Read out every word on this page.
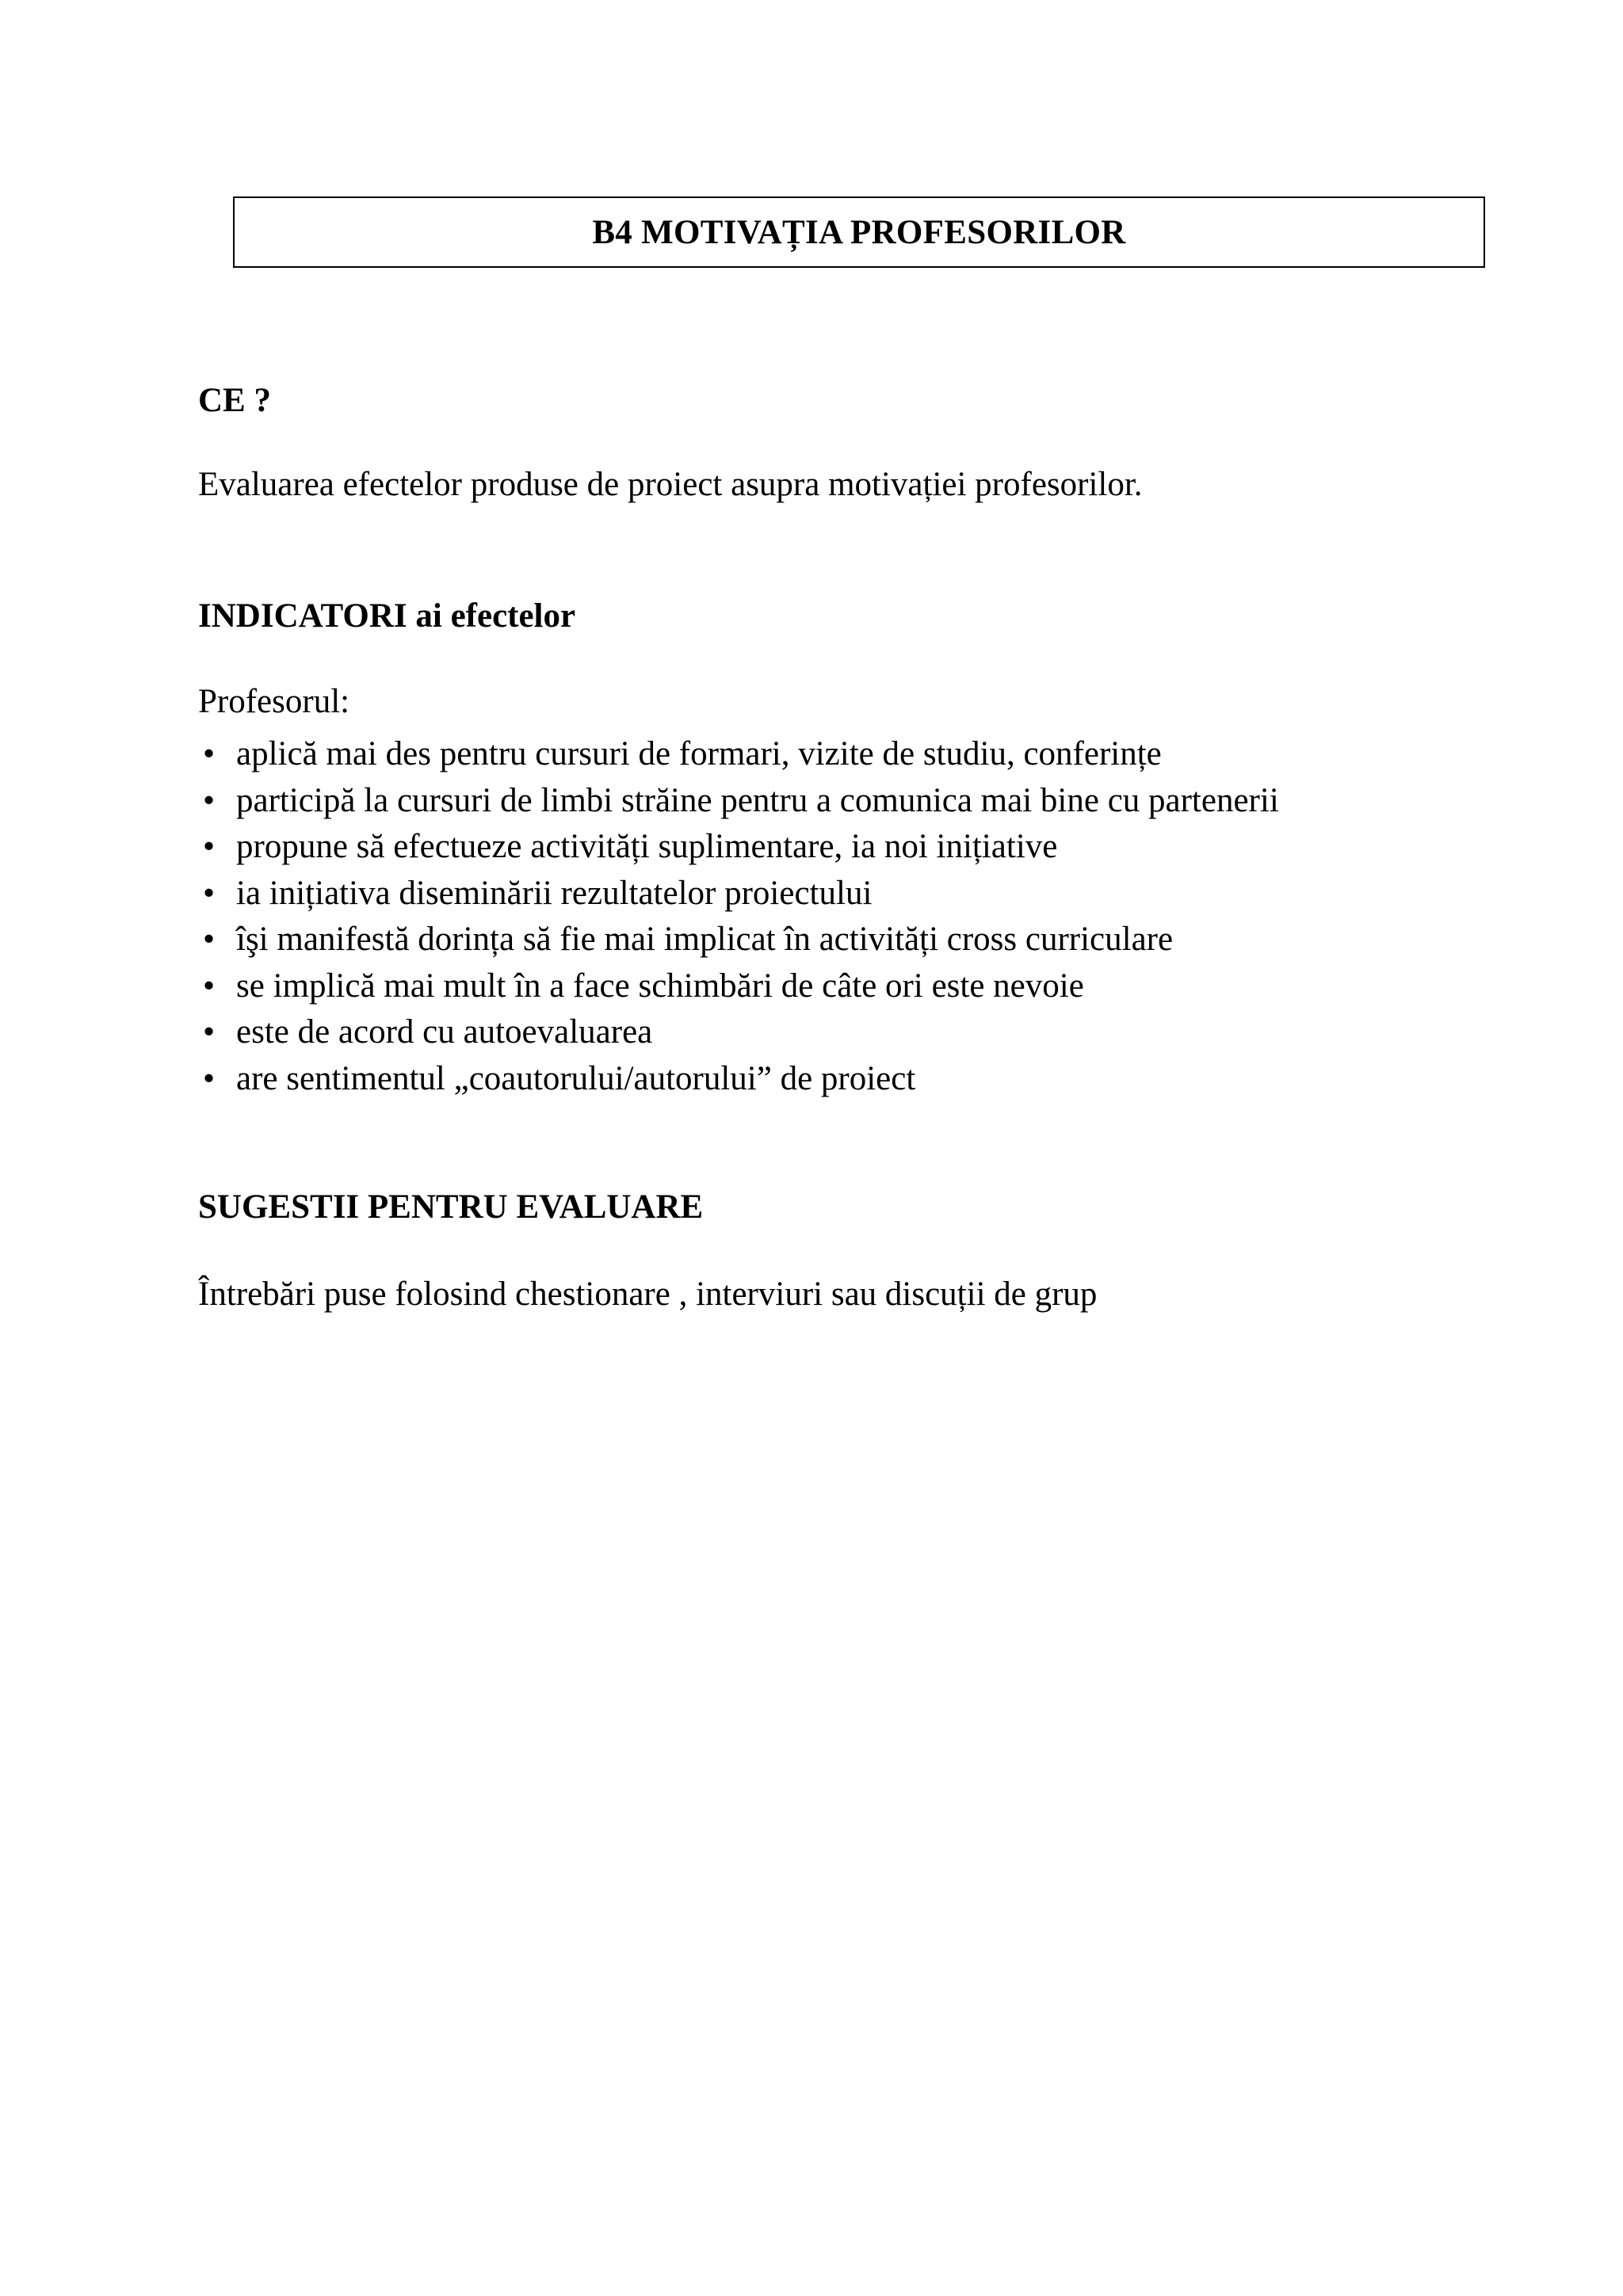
B4 MOTIVAȚIA PROFESORILOR
CE ?

Evaluarea efectelor produse de proiect asupra motivației profesorilor.

INDICATORI ai efectelor

Profesorul:

• aplică mai des pentru cursuri de formari, vizite de studiu, conferințe
• participă la cursuri de limbi străine pentru a comunica mai bine cu partenerii
• propune să efectueze activități suplimentare, ia noi inițiative
• ia inițiativa diseminării rezultatelor proiectului
• îşi manifestă dorința să fie mai implicat în activități cross curriculare
• se implică mai mult în a face schimbări de câte ori este nevoie
• este de acord cu autoevaluarea
• are sentimentul „coautorului/autorului” de proiect
SUGESTII PENTRU EVALUARE

Întrebări puse folosind chestionare , interviuri sau discuții de grup
